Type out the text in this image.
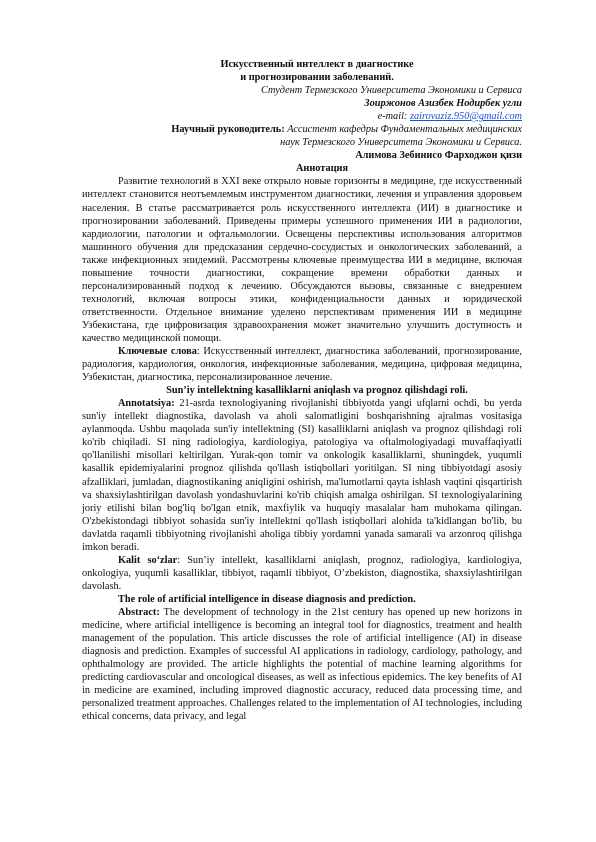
Искусственный интеллект в диагностике

и прогнозировании заболеваний.

Студент Термезского Университета Экономики и Сервиса

Зоиржонов Азизбек Нодирбек угли

e-mail: zairovaziz.950@gmail.com

Научный руководитель: Ассистент кафедры Фундаментальных медицинских

наук Термезского Университета Экономики и Сервиса.

Алимова Зебинисо Фарходжон қизи

Аннотация

Развитие технологий в XXI веке открыло новые горизонты в медицине, где искусственный интеллект становится неотъемлемым инструментом диагностики, лечения и управления здоровьем населения. В статье рассматривается роль искусственного интеллекта (ИИ) в диагностике и прогнозировании заболеваний. Приведены примеры успешного применения ИИ в радиологии, кардиологии, патологии и офтальмологии. Освещены перспективы использования алгоритмов машинного обучения для предсказания сердечно-сосудистых и онкологических заболеваний, а также инфекционных эпидемий. Рассмотрены ключевые преимущества ИИ в медицине, включая повышение точности диагностики, сокращение времени обработки данных и персонализированный подход к лечению. Обсуждаются вызовы, связанные с внедрением технологий, включая вопросы этики, конфиденциальности данных и юридической ответственности. Отдельное внимание уделено перспективам применения ИИ в медицине Узбекистана, где цифровизация здравоохранения может значительно улучшить доступность и качество медицинской помощи.

Ключевые слова: Искусственный интеллект, диагностика заболеваний, прогнозирование, радиология, кардиология, онкология, инфекционные заболевания, медицина, цифровая медицина, Узбекистан, диагностика, персонализированное лечение.

Sun’iy intellektning kasalliklarni aniqlash va prognoz qilishdagi roli.

Annotatsiya: 21-asrda texnologiyaning rivojlanishi tibbiyotda yangi ufqlarni ochdi, bu yerda sun'iy intellekt diagnostika, davolash va aholi salomatligini boshqarishning ajralmas vositasiga aylanmoqda. Ushbu maqolada sun'iy intellektning (SI) kasalliklarni aniqlash va prognoz qilishdagi roli ko'rib chiqiladi. SI ning radiologiya, kardiologiya, patologiya va oftalmologiyadagi muvaffaqiyatli qo'llanilishi misollari keltirilgan. Yurak-qon tomir va onkologik kasalliklarni, shuningdek, yuqumli kasallik epidemiyalarini prognoz qilishda qo'llash istiqbollari yoritilgan. SI ning tibbiyotdagi asosiy afzalliklari, jumladan, diagnostikaning aniqligini oshirish, ma'lumotlarni qayta ishlash vaqtini qisqartirish va shaxsiylashtirilgan davolash yondashuvlarini ko'rib chiqish amalga oshirilgan. SI texnologiyalarining joriy etilishi bilan bog'liq bo'lgan etnik, maxfiylik va huquqiy masalalar ham muhokama qilingan. O'zbekistondagi tibbiyot sohasida sun'iy intellektni qo'llash istiqbollari alohida ta'kidlangan bo'lib, bu davlatda raqamli tibbiyotning rivojlanishi aholiga tibbiy yordamni yanada samarali va arzonroq qilishga imkon beradi.

Kalit so‘zlar: Sun’iy intellekt, kasalliklarni aniqlash, prognoz, radiologiya, kardiologiya, onkologiya, yuqumli kasalliklar, tibbiyot, raqamli tibbiyot, O’zbekiston, diagnostika, shaxsiylashtirilgan davolash.

The role of artificial intelligence in disease diagnosis and prediction.

Abstract: The development of technology in the 21st century has opened up new horizons in medicine, where artificial intelligence is becoming an integral tool for diagnostics, treatment and health management of the population. This article discusses the role of artificial intelligence (AI) in disease diagnosis and prediction. Examples of successful AI applications in radiology, cardiology, pathology, and ophthalmology are provided. The article highlights the potential of machine learning algorithms for predicting cardiovascular and oncological diseases, as well as infectious epidemics. The key benefits of AI in medicine are examined, including improved diagnostic accuracy, reduced data processing time, and personalized treatment approaches. Challenges related to the implementation of AI technologies, including ethical concerns, data privacy, and legal
